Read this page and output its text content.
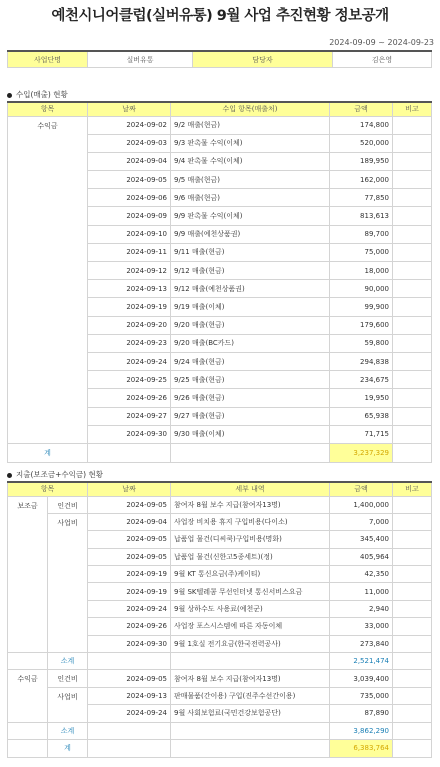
예천시니어클럽(실버유통) 9월 사업 추진현황 정보공개
2024-09-09 ~ 2024-09-23
사업단명	실버유통	담당자	김은영
수입(매출) 현황
항목	날짜	수입 항목(매출처)	금액	비고
수익금	2024-09-02	9/2 매출(현금)	174,800	
	2024-09-03	9/3 판촉물 수익(이체)	520,000	
	2024-09-04	9/4 판촉물 수익(이체)	189,950	
	2024-09-05	9/5 매출(현금)	162,000	
	2024-09-06	9/6 매출(현금)	77,850	
	2024-09-09	9/9 판촉물 수익(이체)	813,613	
	2024-09-10	9/9 매출(예천상품권)	89,700	
	2024-09-11	9/11 매출(현금)	75,000	
	2024-09-12	9/12 매출(현금)	18,000	
	2024-09-13	9/12 매출(예천상품권)	90,000	
	2024-09-19	9/19 매출(이체)	99,900	
	2024-09-20	9/20 매출(현금)	179,600	
	2024-09-23	9/20 매출(BC카드)	59,800	
	2024-09-24	9/24 매출(현금)	294,838	
	2024-09-25	9/25 매출(현금)	234,675	
	2024-09-26	9/26 매출(현금)	19,950	
	2024-09-27	9/27 매출(현금)	65,938	
	2024-09-30	9/30 매출(이체)	71,715	
계			3,237,329	
지출(보조금+수익금) 현황
항목		날짜	세부 내역	금액	비고
보조금	인건비	2024-09-05	참여자 8월 보수 지급(참여자13명)	1,400,000	
	사업비	2024-09-04	사업장 비치용 휴지 구입비용(다이소)	7,000	
		2024-09-05	납품업 물건(디씨쿡)구입비용(명화)	345,400	
		2024-09-05	납품업 물건(신한고5종세트)(정)	405,964	
		2024-09-19	9월 KT 통신요금(주)케이티)	42,350	
		2024-09-19	9월 SK텔레콤 무선인터넷 통신서비스요금	11,000	
		2024-09-24	9월 상하수도 사용료(예천군)	2,940	
		2024-09-26	사업장 포스시스템에 따른 자동이체	33,000	
		2024-09-30	9월 1호실 전기요금(한국전력공사)	273,840	
	소계			2,521,474	
수익금	인건비	2024-09-05	참여자 8월 보수 지급(참여자13명)	3,039,400	
	사업비	2024-09-13	판매물품(간이용) 구입(진주수선간이용)	735,000	
		2024-09-24	9월 사회보험료(국민건강보험공단)	87,890	
	소계			3,862,290	
	계			6,383,764	
